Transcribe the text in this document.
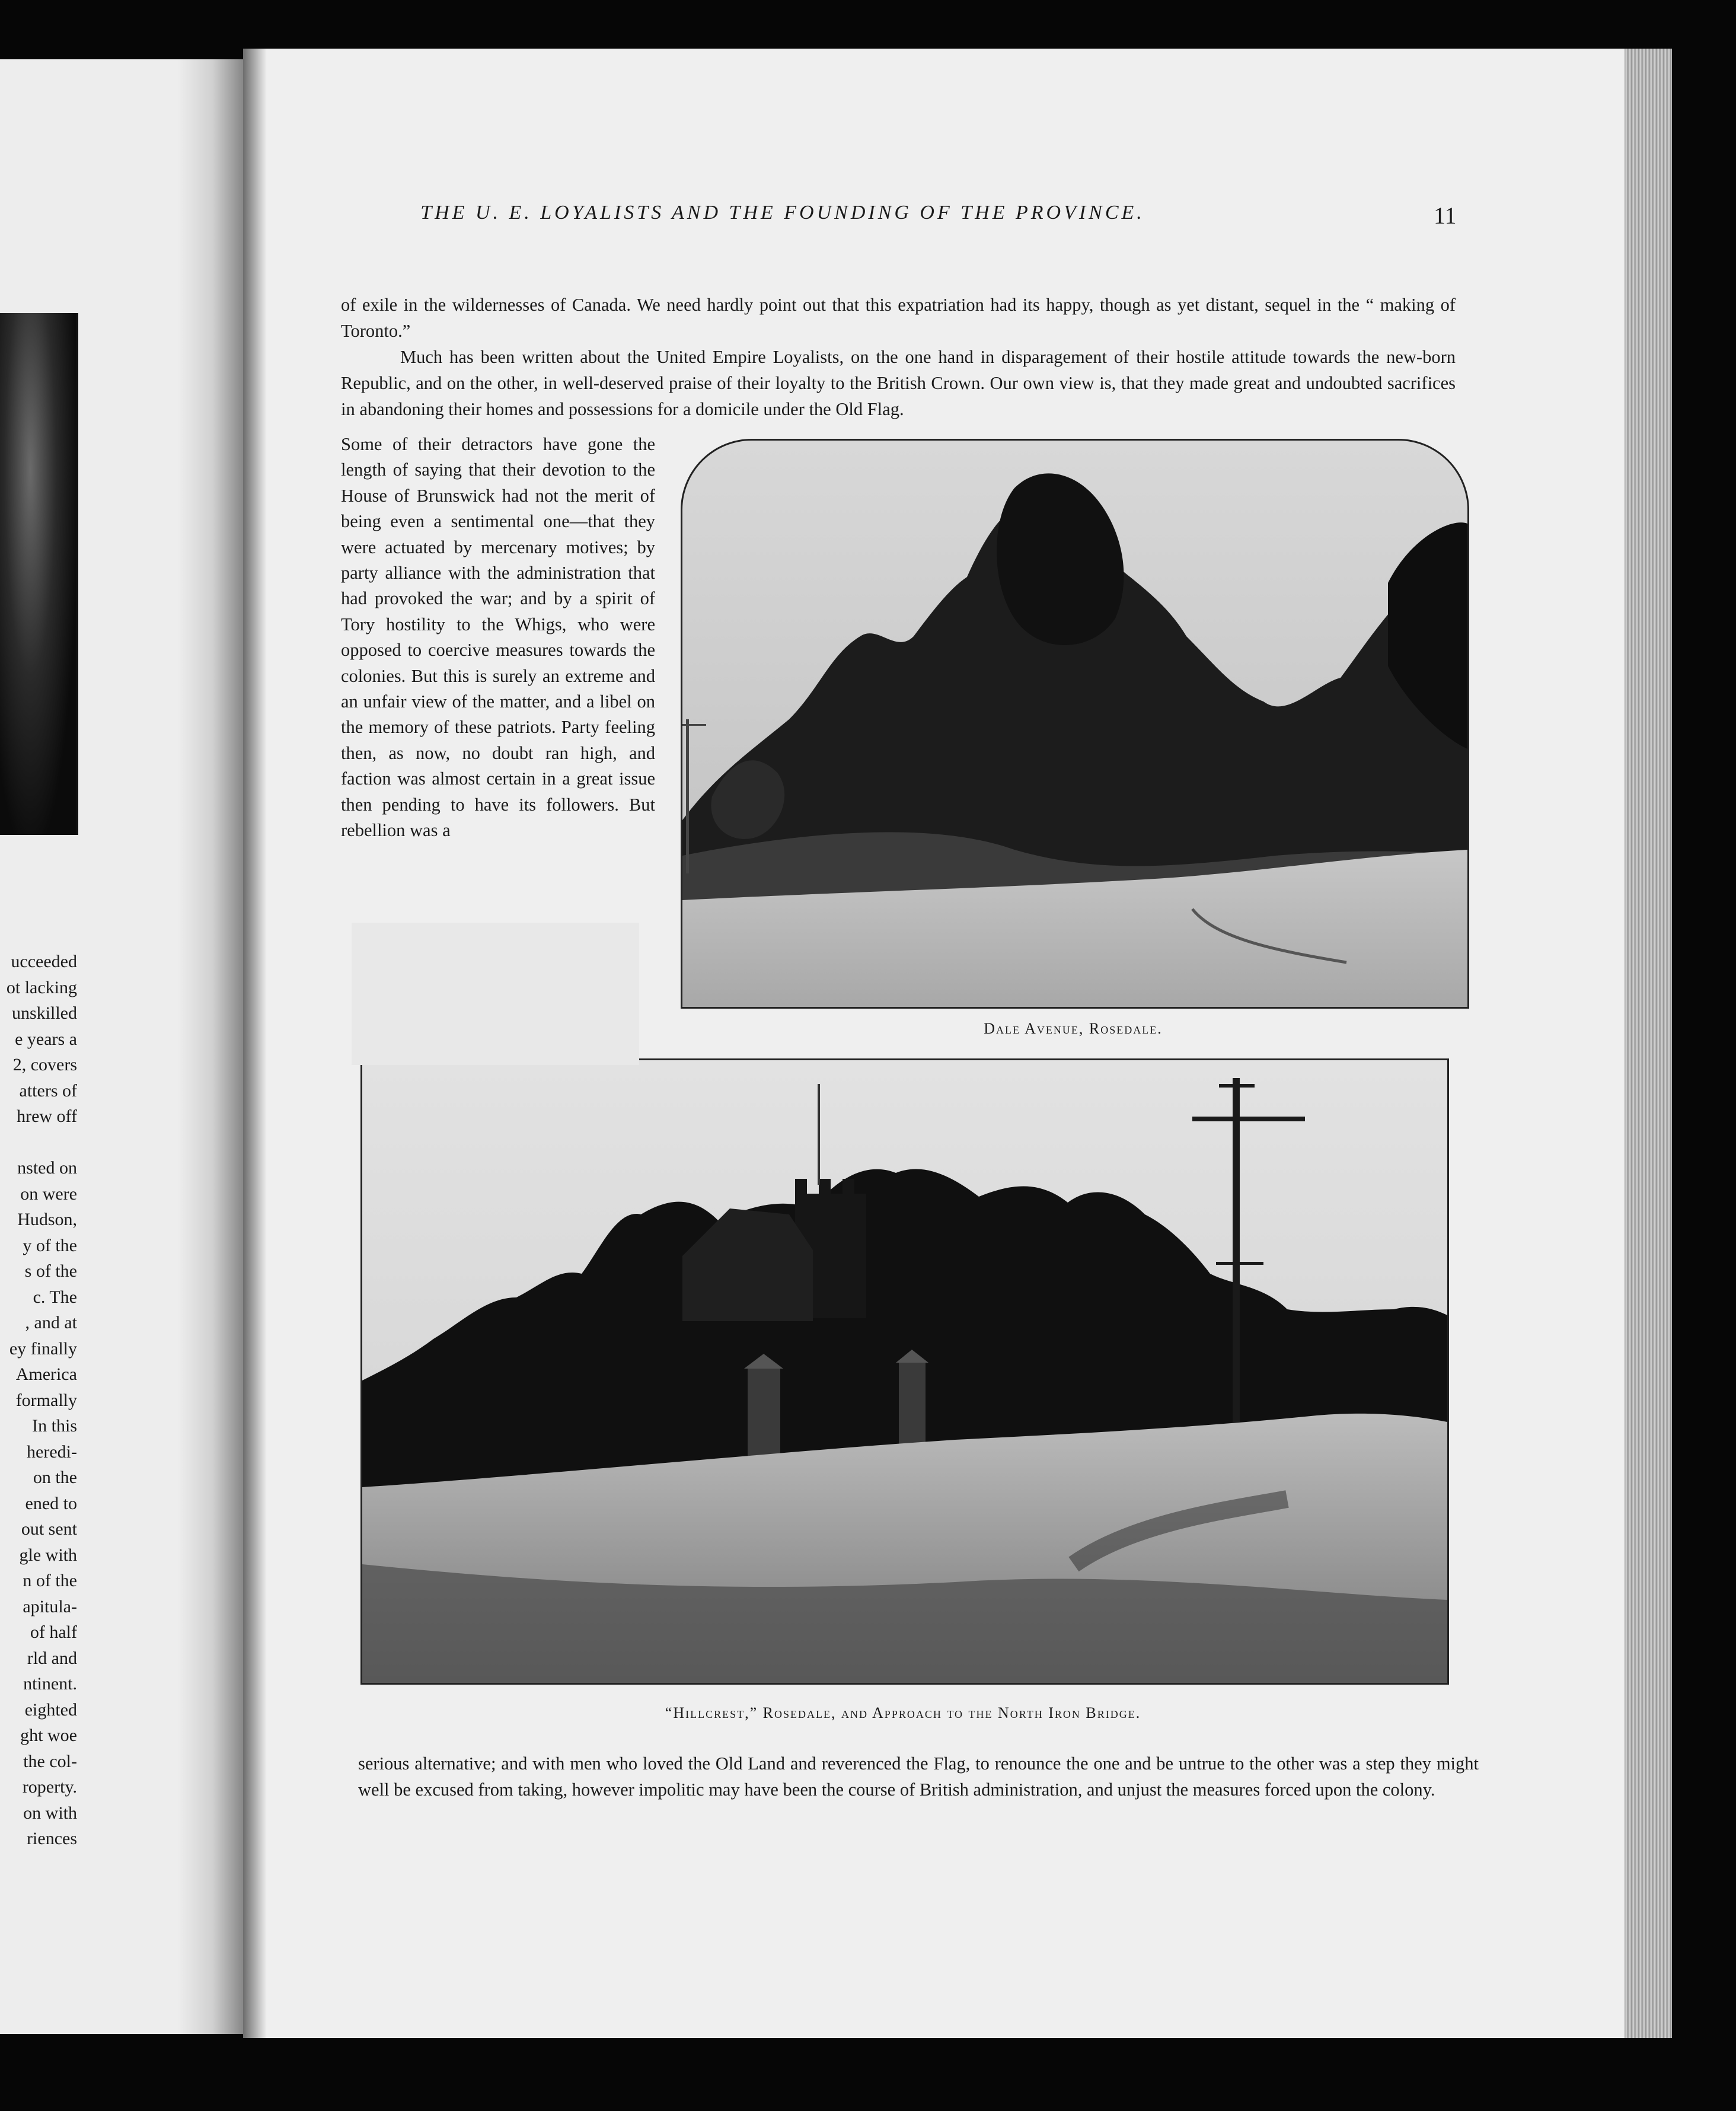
ucceeded
ot lacking
unskilled
e years a
2, covers
atters of
hrew off

nsted on
on were
Hudson,
y of the
s of the
c. The
, and at
ey finally
America
formally
In this
heredi-
on the
ened to
out sent
gle with
n of the
apitula-
of half
rld and
ntinent.
eighted
ght woe
the col-
roperty.
on with
riences
THE U. E. LOYALISTS AND THE FOUNDING OF THE PROVINCE.	11
of exile in the wildernesses of Canada. We need hardly point out that this expatriation had its happy, though as yet distant, sequel in the “ making of Toronto.”
Much has been written about the United Empire Loyalists, on the one hand in disparagement of their hostile attitude towards the new-born Republic, and on the other, in well-deserved praise of their loyalty to the British Crown. Our own view is, that they made great and undoubted sacrifices in abandoning their homes and possessions for a domicile under the Old Flag.
Some of their detractors have gone the length of saying that their devotion to the House of Brunswick had not the merit of being even a sentimental one—that they were actuated by mercenary motives; by party alliance with the administration that had provoked the war; and by a spirit of Tory hostility to the Whigs, who were opposed to coercive measures towards the colonies. But this is surely an extreme and an unfair view of the matter, and a libel on the memory of these patriots. Party feeling then, as now, no doubt ran high, and faction was almost certain in a great issue then pending to have its followers. But rebellion was a
Dale Avenue, Rosedale.
“Hillcrest,” Rosedale, and Approach to the North Iron Bridge.
serious alternative; and with men who loved the Old Land and reverenced the Flag, to renounce the one and be untrue to the other was a step they might well be excused from taking, however impolitic may have been the course of British administration, and unjust the measures forced upon the colony.
